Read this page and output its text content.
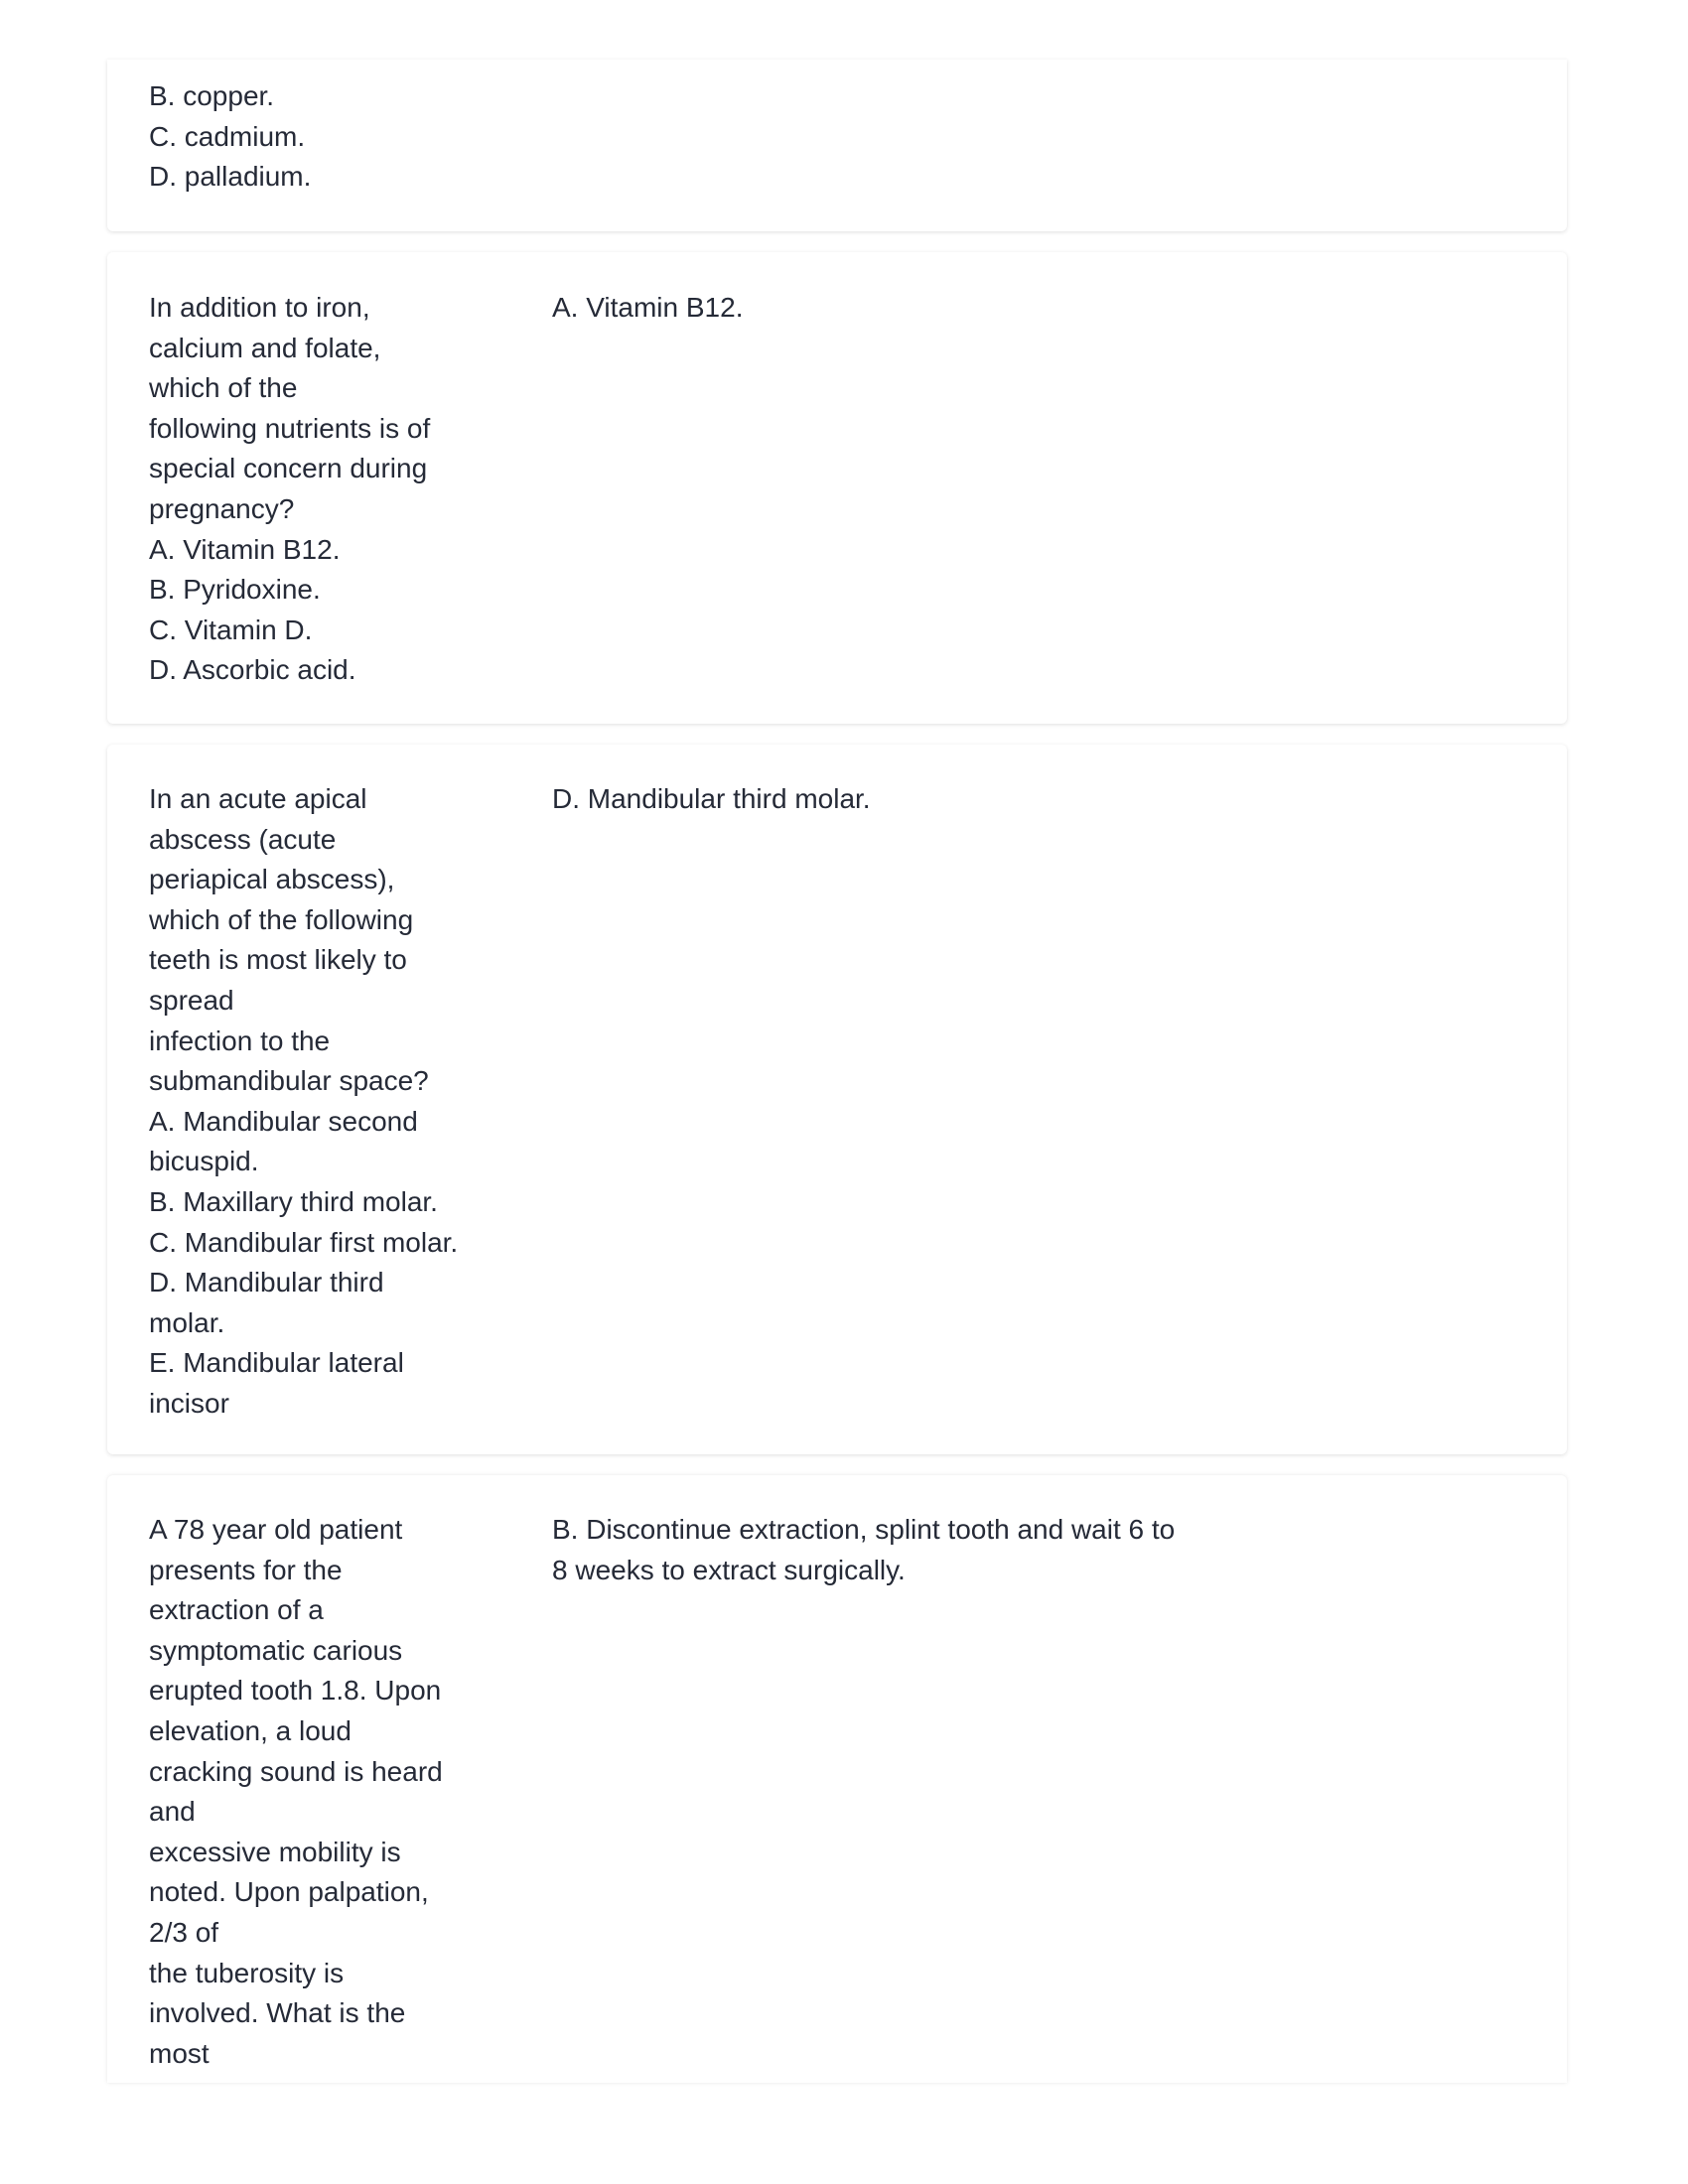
B. copper.
C. cadmium.
D. palladium.
In addition to iron,
calcium and folate,
which of the
following nutrients is of
special concern during
pregnancy?
A. Vitamin B12.
B. Pyridoxine.
C. Vitamin D.
D. Ascorbic acid.
A. Vitamin B12.
In an acute apical
abscess (acute
periapical abscess),
which of the following
teeth is most likely to
spread
infection to the
submandibular space?
A. Mandibular second
bicuspid.
B. Maxillary third molar.
C. Mandibular first molar.
D. Mandibular third
molar.
E. Mandibular lateral
incisor
D. Mandibular third molar.
A 78 year old patient
presents for the
extraction of a
symptomatic carious
erupted tooth 1.8. Upon
elevation, a loud
cracking sound is heard
and
excessive mobility is
noted. Upon palpation,
2/3 of
the tuberosity is
involved. What is the
most
B. Discontinue extraction, splint tooth and wait 6 to
8 weeks to extract surgically.
